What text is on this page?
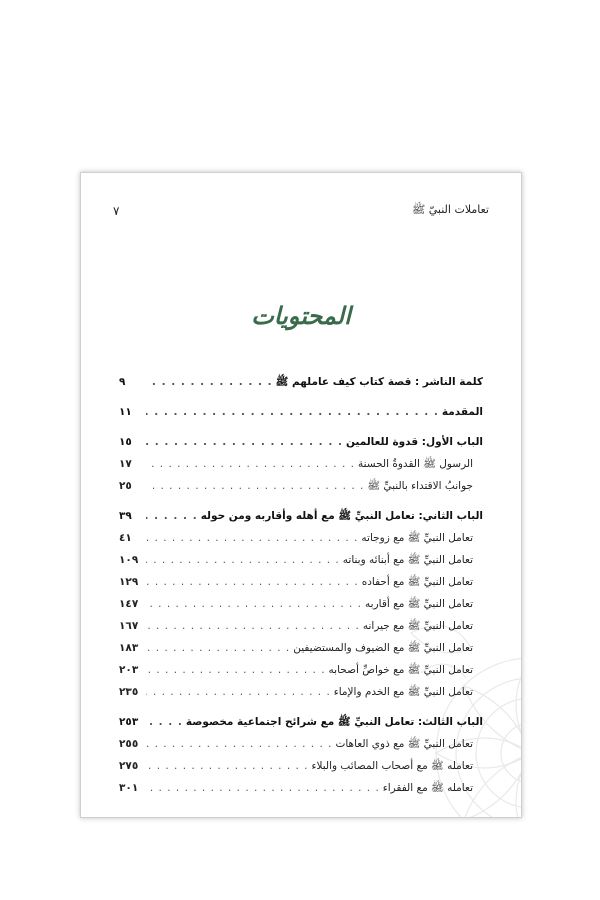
تعاملات النبيّ ﷺ
٧
المحتويات
كلمة الناشر : قصة كتاب كيف عاملهم ﷺ
. . .
٩
المقدمة
. . .
١١
الباب الأول: قدوة للعالمين
. . .
١٥
الرسول ﷺ القدوةُ الحسنة
. . .
١٧
جوانبُ الاقتداء بالنبيِّ ﷺ
. . .
٢٥
الباب الثاني: تعامل النبيِّ ﷺ مع أهله وأقاربه ومن حوله
. . .
٣٩
تعامل النبيِّ ﷺ مع زوجاته
. . .
٤١
تعامل النبيِّ ﷺ مع أبنائه وبناته
. . .
١٠٩
تعامل النبيِّ ﷺ مع أحفاده
. . .
١٢٩
تعامل النبيِّ ﷺ مع أقاربه
. . .
١٤٧
تعامل النبيِّ ﷺ مع جيرانه
. . .
١٦٧
تعامل النبيِّ ﷺ مع الضيوف والمستضيفين
. . .
١٨٣
تعامل النبيِّ ﷺ مع خواصِّ أصحابه
. . .
٢٠٣
تعامل النبيِّ ﷺ مع الخدم والإماء
. . .
٢٣٥
الباب الثالث: تعامل النبيِّ ﷺ مع شرائح اجتماعية مخصوصة
. . .
٢٥٣
تعامل النبيِّ ﷺ مع ذوي العاهات
. . .
٢٥٥
تعامله ﷺ مع أصحاب المصائب والبلاء
. . .
٢٧٥
تعامله ﷺ مع الفقراء
. . .
٣٠١
